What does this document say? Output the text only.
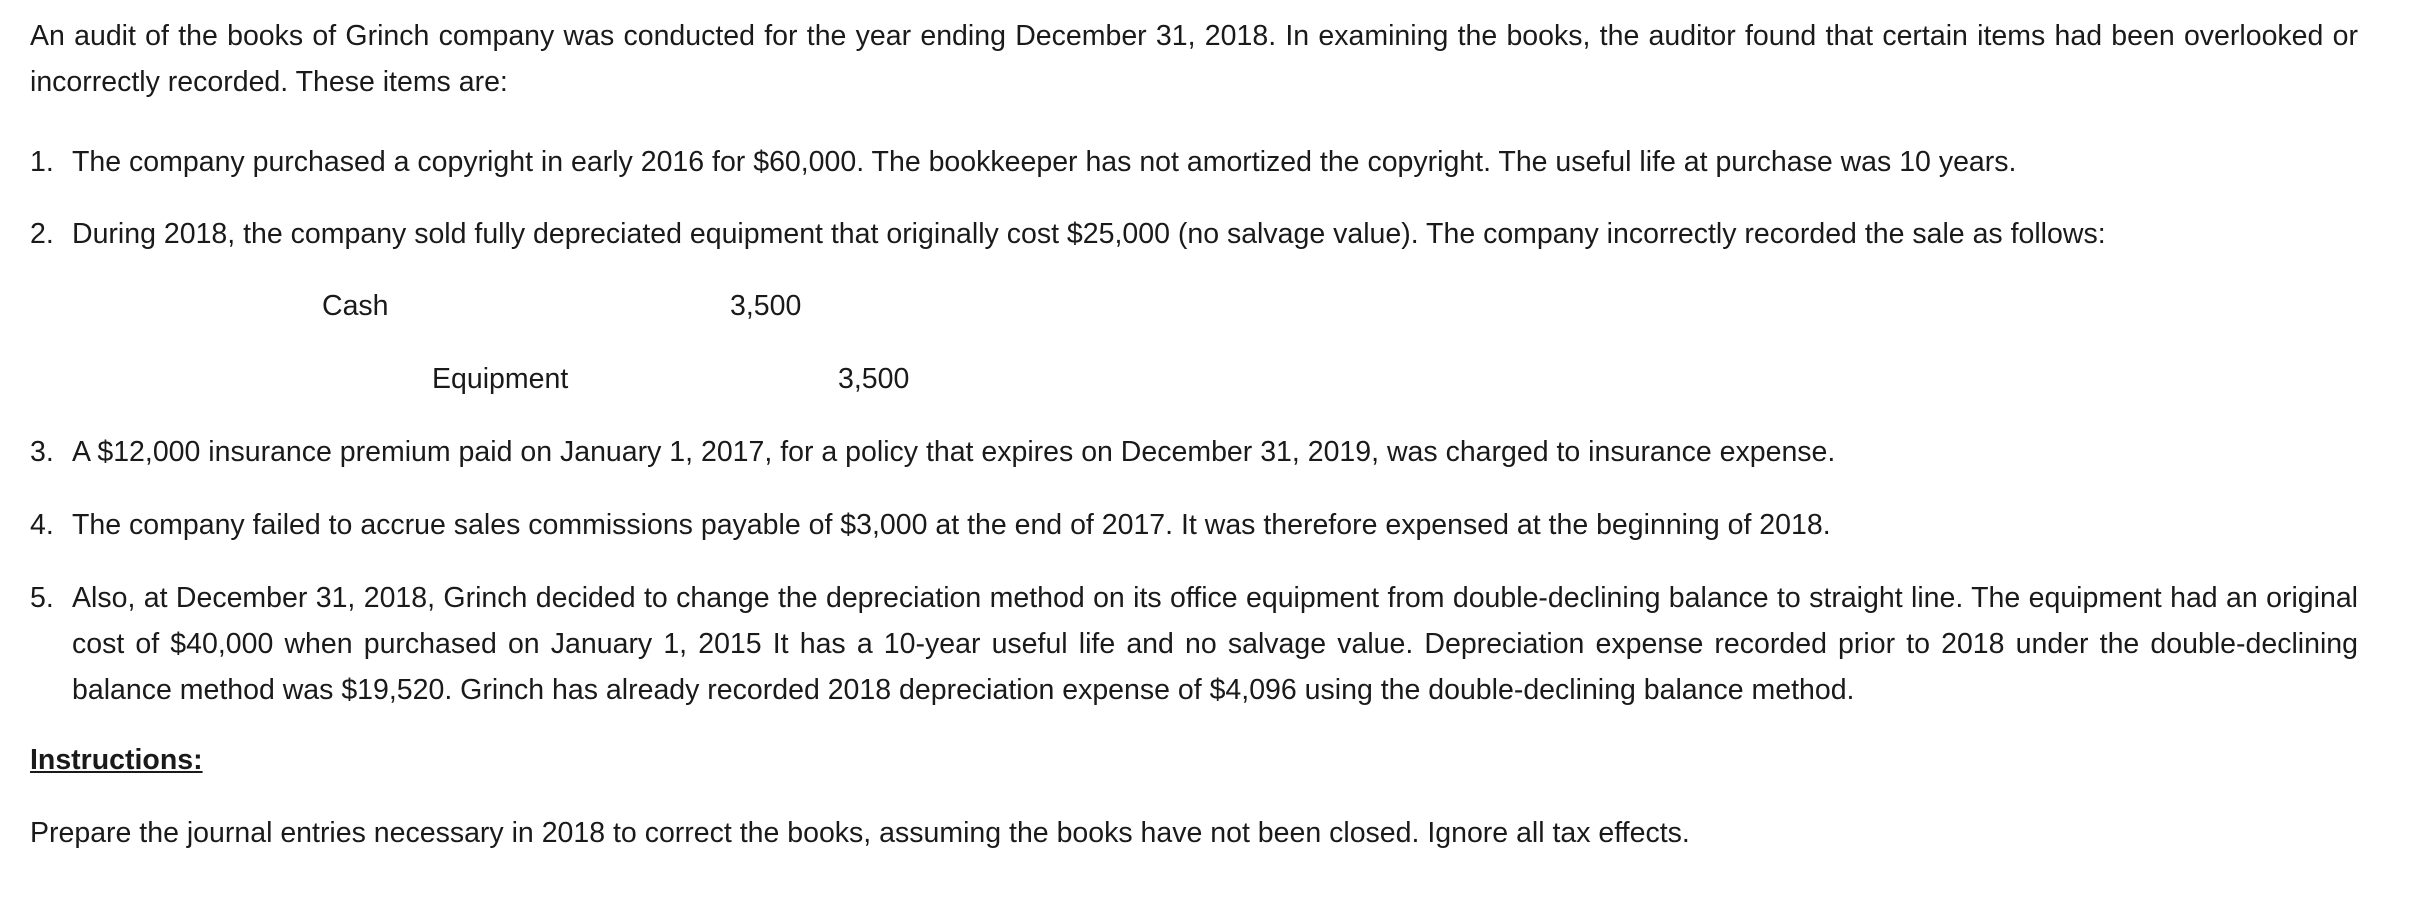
An audit of the books of Grinch company was conducted for the year ending December 31, 2018. In examining the books, the auditor found that certain items had been overlooked or incorrectly recorded. These items are:

1. The company purchased a copyright in early 2016 for $60,000. The bookkeeper has not amortized the copyright. The useful life at purchase was 10 years.
2. During 2018, the company sold fully depreciated equipment that originally cost $25,000 (no salvage value). The company incorrectly recorded the sale as follows:
Cash	3,500
Equipment	3,500
3. A $12,000 insurance premium paid on January 1, 2017, for a policy that expires on December 31, 2019, was charged to insurance expense.
4. The company failed to accrue sales commissions payable of $3,000 at the end of 2017. It was therefore expensed at the beginning of 2018.
5. Also, at December 31, 2018, Grinch decided to change the depreciation method on its office equipment from double-declining balance to straight line. The equipment had an original cost of $40,000 when purchased on January 1, 2015 It has a 10-year useful life and no salvage value. Depreciation expense recorded prior to 2018 under the double-declining balance method was $19,520. Grinch has already recorded 2018 depreciation expense of $4,096 using the double-declining balance method.

Instructions:

Prepare the journal entries necessary in 2018 to correct the books, assuming the books have not been closed. Ignore all tax effects.
